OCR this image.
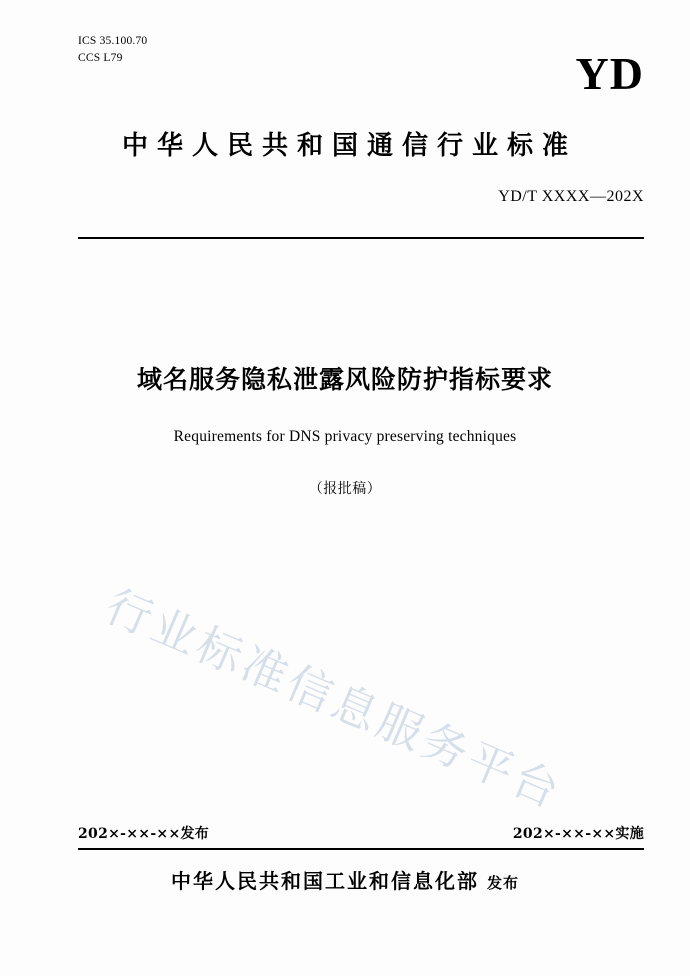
ICS 35.100.70
CCS L79	YD
中华人民共和国通信行业标准
YD/T XXXX—202X
域名服务隐私泄露风险防护指标要求
Requirements for DNS privacy preserving techniques
（报批稿）
行业标准信息服务平台
202×-××-××发布	202×-××-××实施
中华人民共和国工业和信息化部 发布
